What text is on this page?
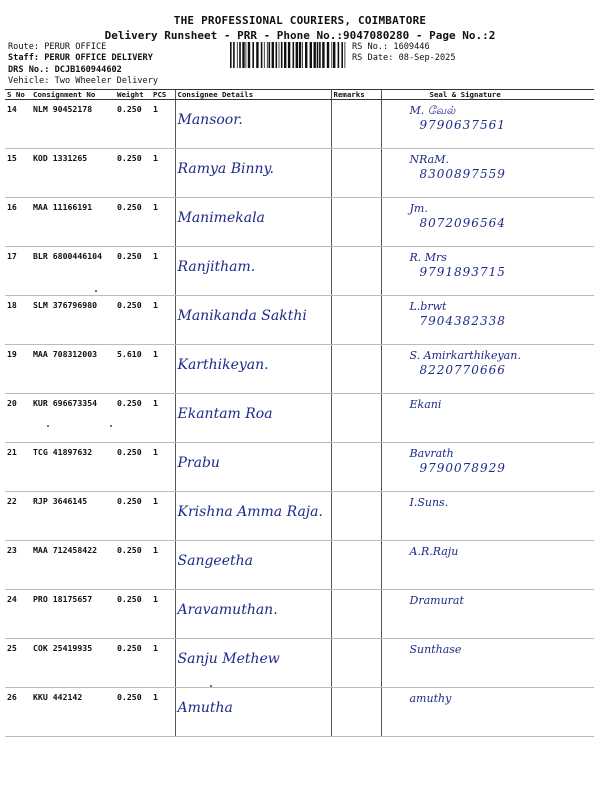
THE PROFESSIONAL COURIERS, COIMBATORE
Delivery Runsheet - PRR - Phone No.:9047080280 - Page No.:2
Route: PERUR OFFICE
Staff: PERUR OFFICE DELIVERY
DRS No.: DCJB160944602
Vehicle: Two Wheeler Delivery
RS No.: 1609446
RS Date: 08-Sep-2025
S No	Consignment No	Weight	PCS	Consignee Details	Remarks	Seal & Signature
14	NLM 90452178	0.250	1	Mansoor.		M. வேல்
9790637561

15	KOD 1331265	0.250	1	Ramya Binny.		NRaM.
8300897559

16	MAA 11166191	0.250	1	Manimekala		Jm.
8072096564

17	BLR 6800446104	0.250	1	Ranjitham.		R. Mrs
9791893715

18	SLM 376796980	0.250	1	Manikanda Sakthi		L.brwt
7904382338

19	MAA 708312003	5.610	1	Karthikeyan.		S. Amirkarthikeyan.
8220770666

20	KUR 696673354	0.250	1	Ekantam Roa		Ekani

21	TCG 41897632	0.250	1	Prabu		Bavrath
9790078929

22	RJP 3646145	0.250	1	Krishna Amma Raja.		I.Suns.

23	MAA 712458422	0.250	1	Sangeetha		A.R.Raju

24	PRO 18175657	0.250	1	Aravamuthan.		Dramurat

25	COK 25419935	0.250	1	Sanju Methew		Sunthase

26	KKU 442142	0.250	1	Amutha		amuthy
